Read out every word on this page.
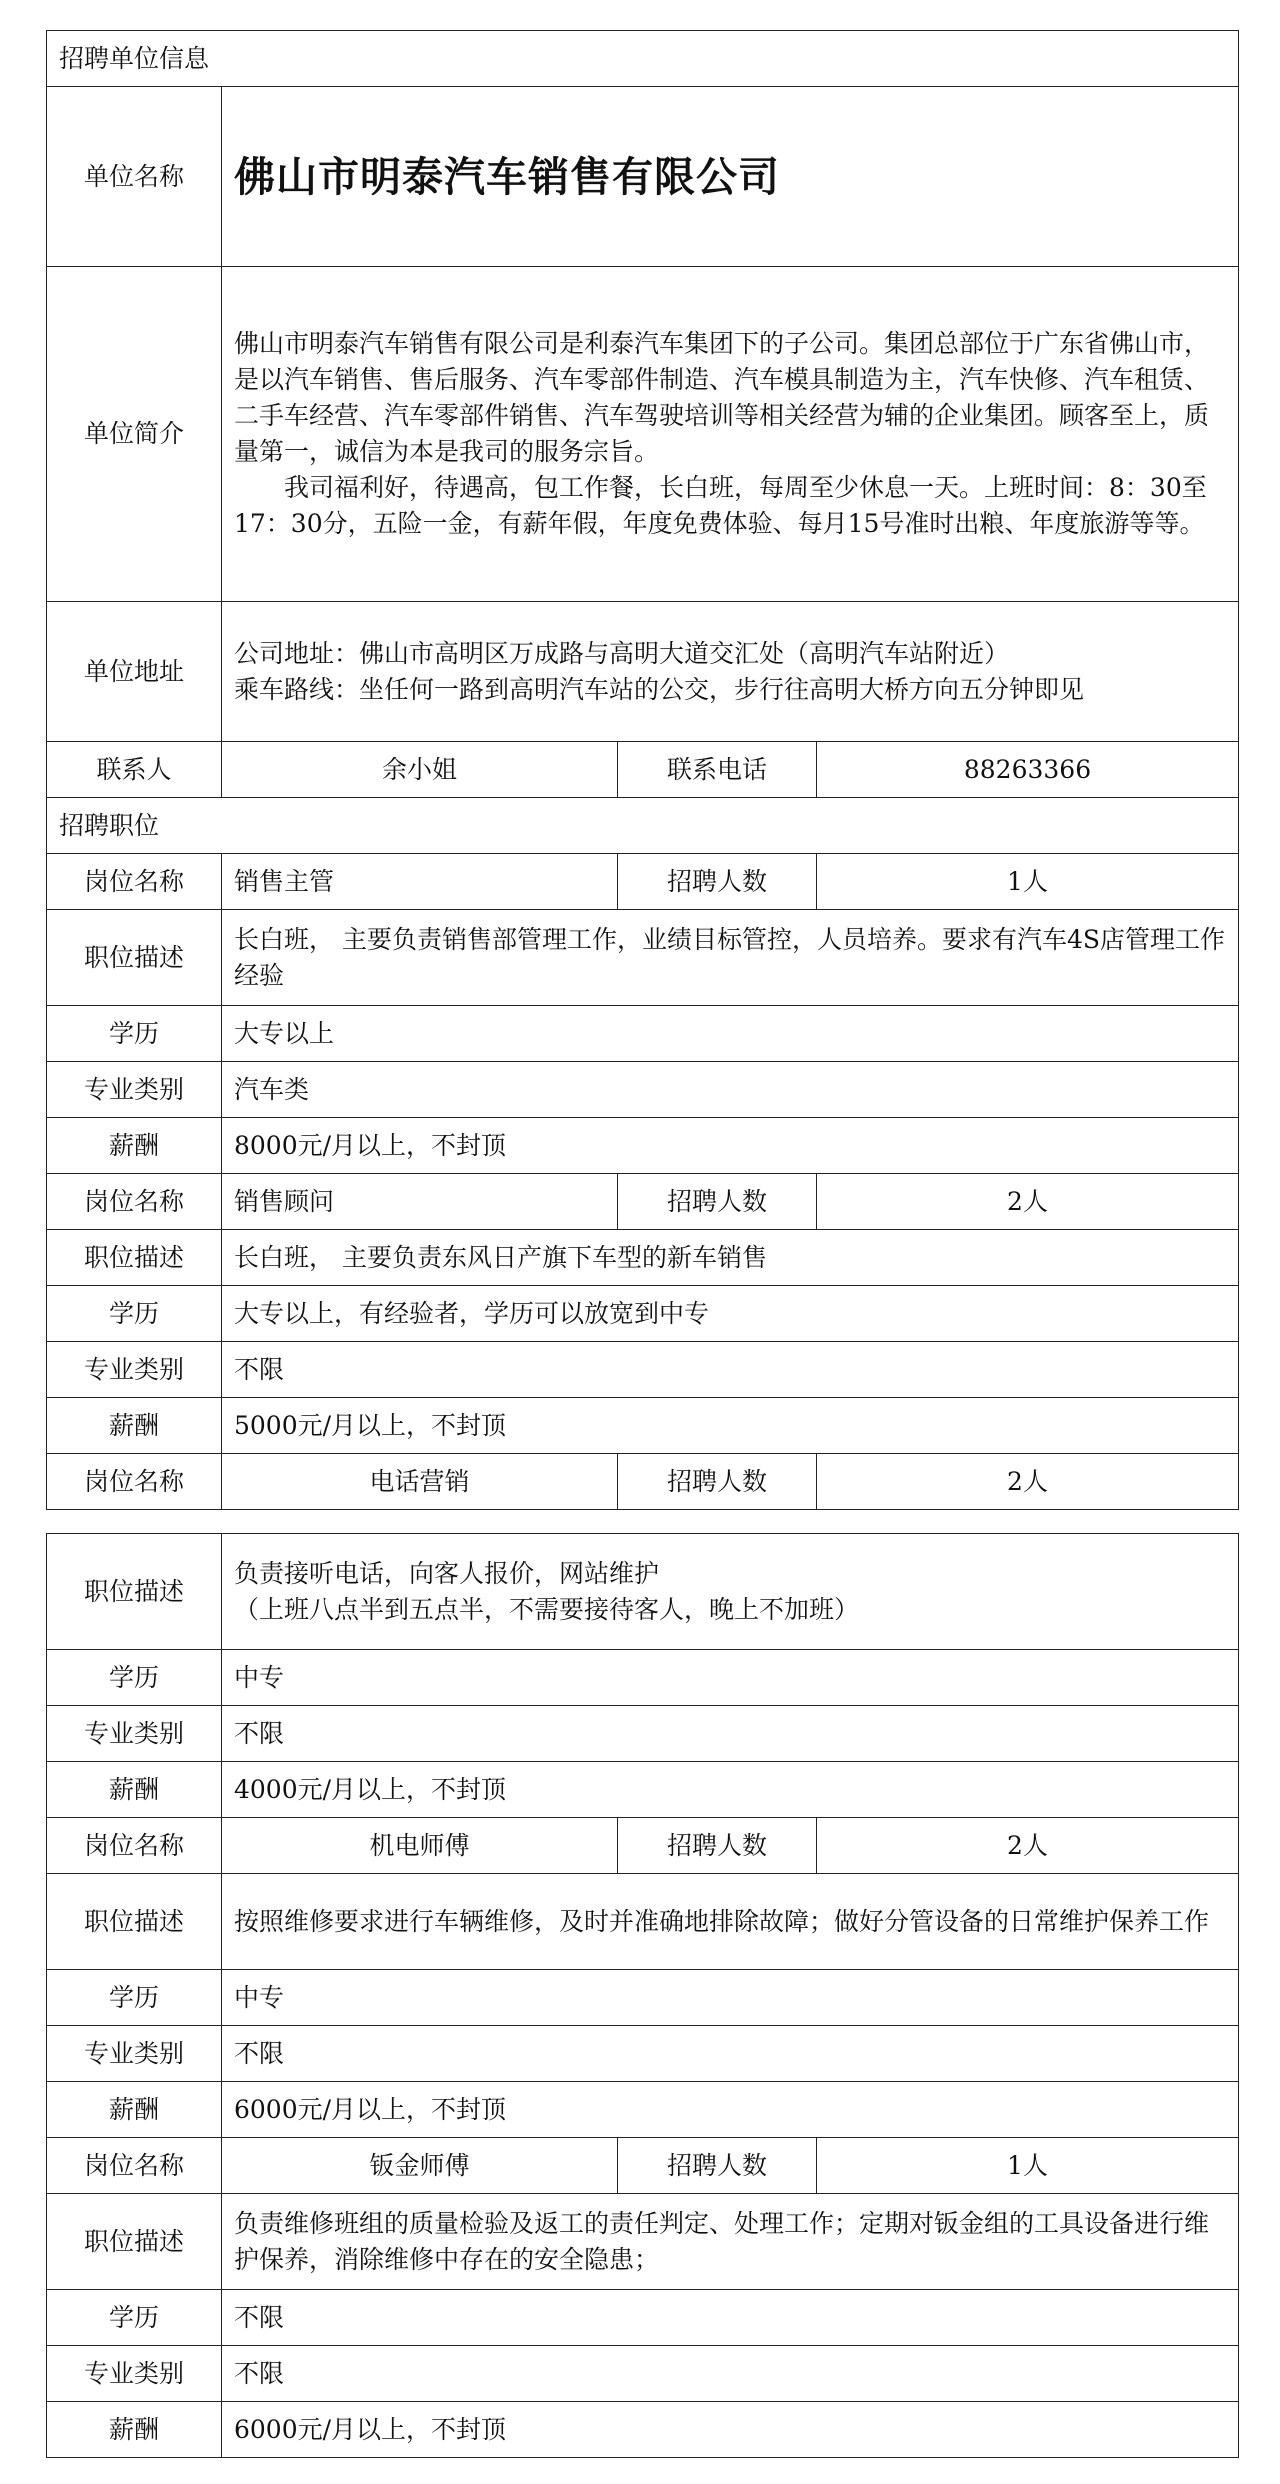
招聘单位信息			
单位名称	佛山市明泰汽车销售有限公司		
单位简介	佛山市明泰汽车销售有限公司是利泰汽车集团下的子公司。集团总部位于广东省佛山市，是以汽车销售、售后服务、汽车零部件制造、汽车模具制造为主，汽车快修、汽车租赁、二手车经营、汽车零部件销售、汽车驾驶培训等相关经营为辅的企业集团。顾客至上，质量第一，诚信为本是我司的服务宗旨。
我司福利好，待遇高，包工作餐，长白班，每周至少休息一天。上班时间：8：30至17：30分，五险一金，有薪年假，年度免费体验、每月15号准时出粮、年度旅游等等。		

单位地址	公司地址：佛山市高明区万成路与高明大道交汇处（高明汽车站附近）
乘车路线：坐任何一路到高明汽车站的公交，步行往高明大桥方向五分钟即见		

联系人	余小姐	联系电话	88263366
招聘职位			
岗位名称	销售主管	招聘人数	1人
职位描述	长白班， 主要负责销售部管理工作，业绩目标管控，人员培养。要求有汽车4S店管理工作经验		
学历	大专以上		
专业类别	汽车类		
薪酬	8000元/月以上，不封顶		
岗位名称	销售顾问	招聘人数	2人
职位描述	长白班， 主要负责东风日产旗下车型的新车销售		
学历	大专以上，有经验者，学历可以放宽到中专		
专业类别	不限		
薪酬	5000元/月以上，不封顶		
岗位名称	电话营销	招聘人数	2人
职位描述	负责接听电话，向客人报价，网站维护
（上班八点半到五点半，不需要接待客人，晚上不加班）		

学历	中专		
专业类别	不限		
薪酬	4000元/月以上，不封顶		
岗位名称	机电师傅	招聘人数	2人
职位描述	按照维修要求进行车辆维修，及时并准确地排除故障；做好分管设备的日常维护保养工作		
学历	中专		
专业类别	不限		
薪酬	6000元/月以上，不封顶		
岗位名称	钣金师傅	招聘人数	1人
职位描述	负责维修班组的质量检验及返工的责任判定、处理工作；定期对钣金组的工具设备进行维护保养，消除维修中存在的安全隐患；		
学历	不限		
专业类别	不限		
薪酬	6000元/月以上，不封顶		
